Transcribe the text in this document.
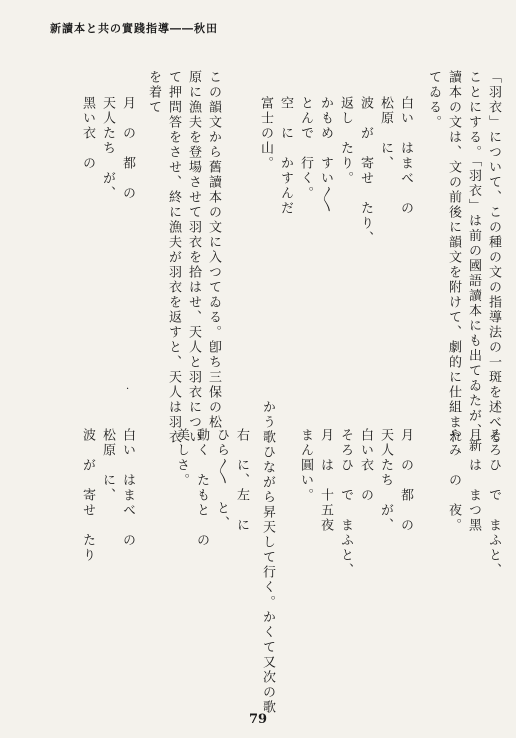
新讀本と共の實踐指導――秋田
「羽衣」について、この種の文の指導法の一斑を述べる
ことにする。「羽衣」は前の國語讀本にも出てゐたが、新
讀本の文は、文の前後に韻文を附けて、劇的に仕組まれ
てゐる。
白い　はまべ　の
松原　に、
波　が　寄せ　たり、
返し　たり。
かもめ　すい〳〵
とんで　行く。
空　に　かすんだ
富士の山。
この韻文から舊讀本の文に入つてゐる。卽ち三保の松
原に漁夫を登場させて羽衣を拾はせ、天人と羽衣につい
て押問答をさせ、終に漁夫が羽衣を返すと、天人は羽衣
を着て
月　の　都　の
天人たち　が、
黑い衣　の
そろひ　で　まふと、
月　は　まつ黑
やみ　の　夜。
月　の　都　の
天人たち　が、
白い衣　の
そろひ　で　まふと、
月　は　十五夜
まん圓い。
かう歌ひながら昇天して行く。かくて又次の歌
右　に、左　に
ひら〳〵　と、
動く　たもと　の
美しさ。
白い　はまべ　の
松原　に、
波　が　寄せ　たり
·
79
